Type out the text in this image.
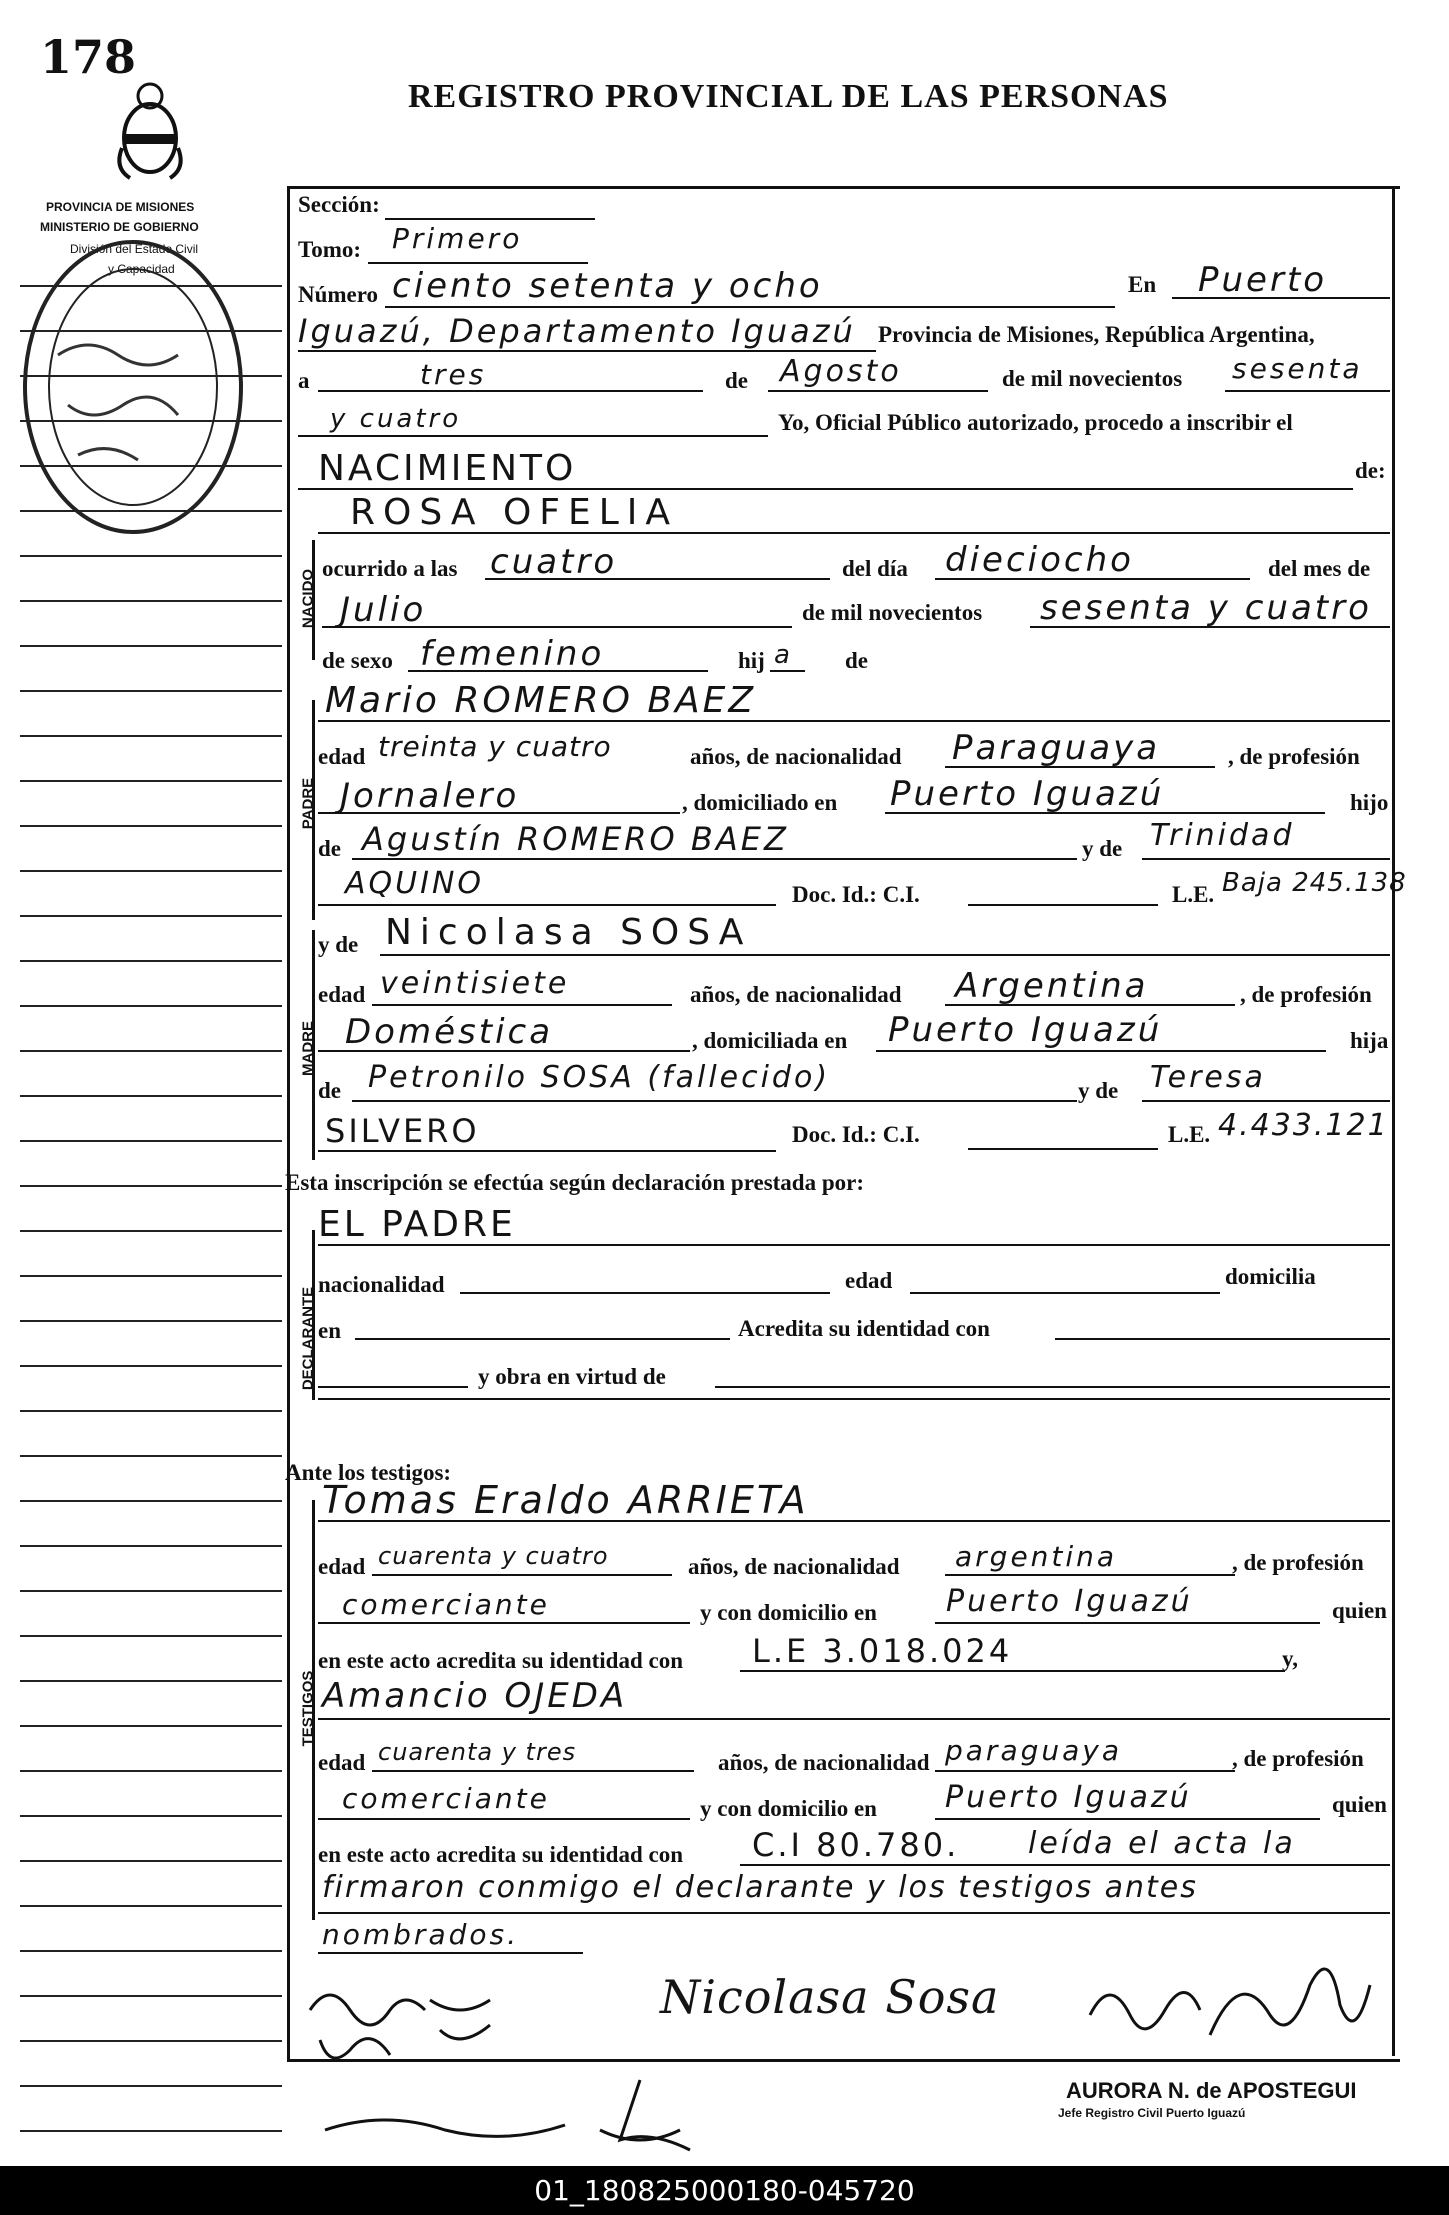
178
REGISTRO PROVINCIAL DE LAS PERSONAS
PROVINCIA DE MISIONES
MINISTERIO DE GOBIERNO
División del Estado Civil
y Capacidad
NACIDO
PADRE
MADRE
DECLARANTE
TESTIGOS
Sección:
Tomo: Primero
Número ciento setenta y ocho	En Puerto
Iguazú, Departamento Iguazú Provincia de Misiones, República Argentina,
a	tres	de Agosto	de mil novecientos sesenta
y cuatro	Yo, Oficial Público autorizado, procedo a inscribir el
NACIMIENTO	de:
ROSA OFELIA
ocurrido a las cuatro	del día dieciocho	del mes de
Julio	de mil novecientos sesenta y cuatro
de sexo femenino	hij a de
Mario ROMERO BAEZ
edad treinta y cuatro	años, de nacionalidad Paraguaya	, de profesión
Jornalero	, domiciliado en Puerto Iguazú	hijo
de Agustín ROMERO BAEZ	y de Trinidad
AQUINO	Doc. Id.: C.I.	L.E. Baja 245.138
y de Nicolasa SOSA
edad veintisiete	años, de nacionalidad Argentina	, de profesión
Doméstica	, domiciliada en Puerto Iguazú	hija
de Petronilo SOSA (fallecido)	y de Teresa
SILVERO	Doc. Id.: C.I.	L.E. 4.433.121
Esta inscripción se efectúa según declaración prestada por:
EL PADRE
nacionalidad	edad	domicilia
en	Acredita su identidad con
y obra en virtud de
Ante los testigos:
Tomas Eraldo ARRIETA
edad cuarenta y cuatro	años, de nacionalidad argentina	, de profesión
comerciante	y con domicilio en Puerto Iguazú	quien
en este acto acredita su identidad con L.E 3.018.024	y,
Amancio OJEDA
edad cuarenta y tres	años, de nacionalidad paraguaya	, de profesión
comerciante	y con domicilio en Puerto Iguazú	quien
en este acto acredita su identidad con C.I 80.780. leída el acta la
firmaron conmigo el declarante y los testigos antes
nombrados.
Nicolasa Sosa
AURORA N. de APOSTEGUI
Jefe Registro Civil Puerto Iguazú
01_180825000180-045720
